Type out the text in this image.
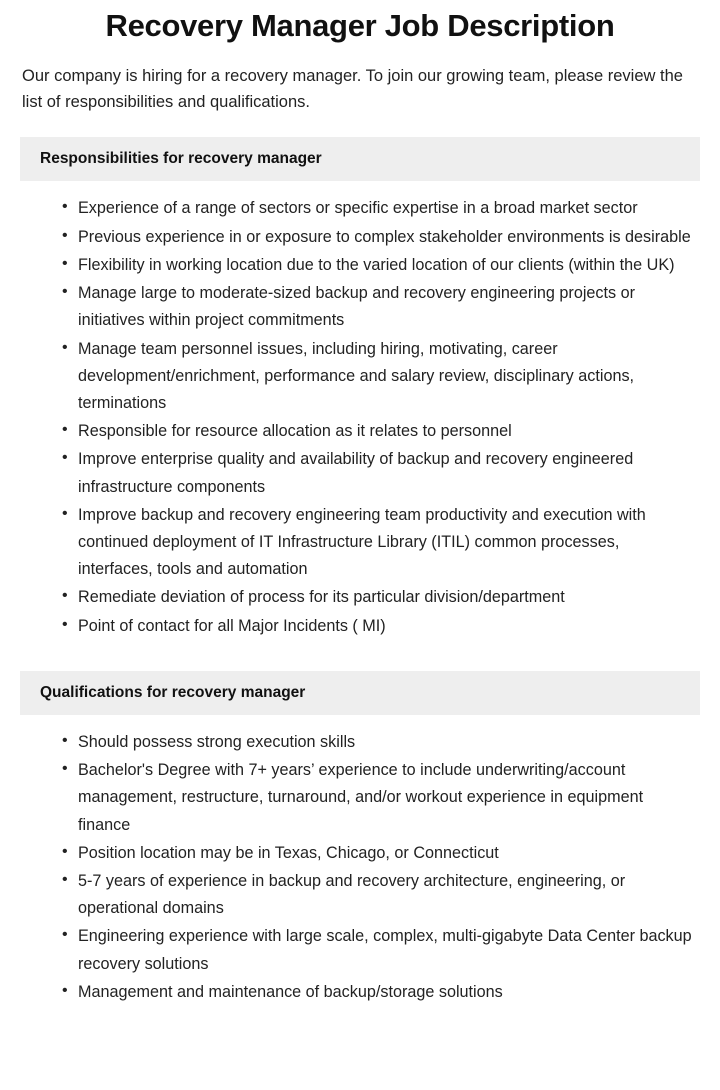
Recovery Manager Job Description

Our company is hiring for a recovery manager. To join our growing team, please review the list of responsibilities and qualifications.

Responsibilities for recovery manager
• Experience of a range of sectors or specific expertise in a broad market sector
• Previous experience in or exposure to complex stakeholder environments is desirable
• Flexibility in working location due to the varied location of our clients (within the UK)
• Manage large to moderate-sized backup and recovery engineering projects or initiatives within project commitments
• Manage team personnel issues, including hiring, motivating, career development/enrichment, performance and salary review, disciplinary actions, terminations
• Responsible for resource allocation as it relates to personnel
• Improve enterprise quality and availability of backup and recovery engineered infrastructure components
• Improve backup and recovery engineering team productivity and execution with continued deployment of IT Infrastructure Library (ITIL) common processes, interfaces, tools and automation
• Remediate deviation of process for its particular division/department
• Point of contact for all Major Incidents ( MI)
Qualifications for recovery manager
• Should possess strong execution skills
• Bachelor's Degree with 7+ years’ experience to include underwriting/account management, restructure, turnaround, and/or workout experience in equipment finance
• Position location may be in Texas, Chicago, or Connecticut
• 5-7 years of experience in backup and recovery architecture, engineering, or operational domains
• Engineering experience with large scale, complex, multi-gigabyte Data Center backup recovery solutions
• Management and maintenance of backup/storage solutions
